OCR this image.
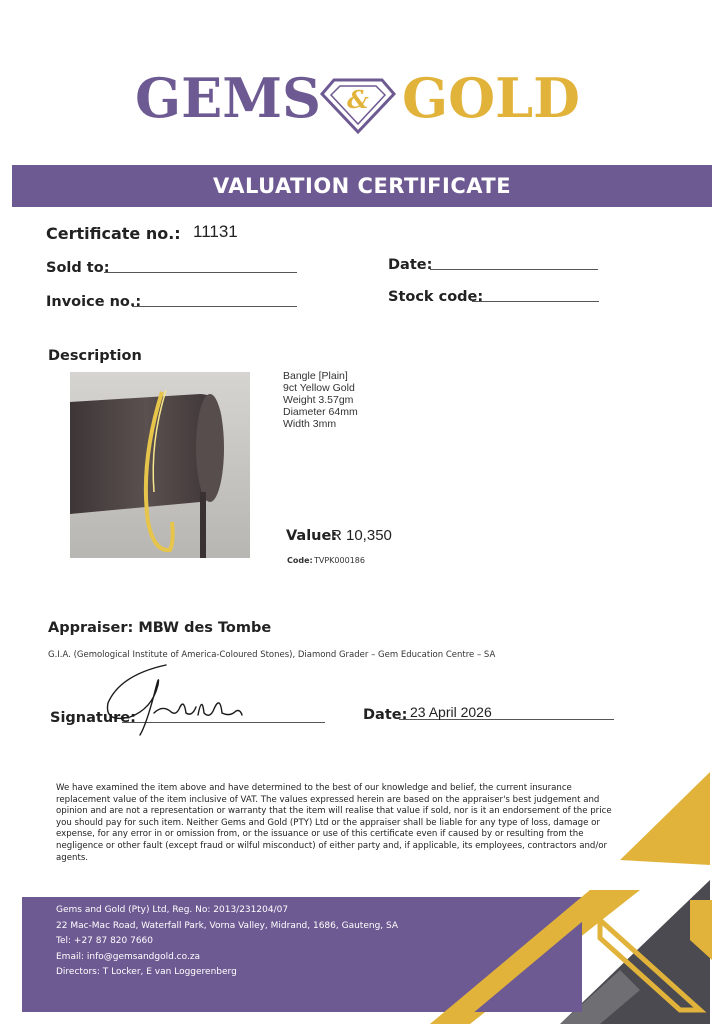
GEMS & GOLD
VALUATION CERTIFICATE
Certificate no.: 11131
Sold to:	Date:
Invoice no.:	Stock code:
Description
Bangle [Plain]
9ct Yellow Gold
Weight 3.57gm
Diameter 64mm
Width 3mm
Value:
R 10,350
Code: TVPK000186
Appraiser: MBW des Tombe
G.I.A. (Gemological Institute of America-Coloured Stones), Diamond Grader – Gem Education Centre – SA
Signature:	Date: 23 April 2026
We have examined the item above and have determined to the best of our knowledge and belief, the current insurance replacement value of the item inclusive of VAT. The values expressed herein are based on the appraiser's best judgement and opinion and are not a representation or warranty that the item will realise that value if sold, nor is it an endorsement of the price you should pay for such item. Neither Gems and Gold (PTY) Ltd or the appraiser shall be liable for any type of loss, damage or expense, for any error in or omission from, or the issuance or use of this certificate even if caused by or resulting from the negligence or other fault (except fraud or wilful misconduct) of either party and, if applicable, its employees, contractors and/or agents.
Gems and Gold (Pty) Ltd, Reg. No: 2013/231204/07
22 Mac-Mac Road, Waterfall Park, Vorna Valley, Midrand, 1686, Gauteng, SA
Tel: +27 87 820 7660
Email: info@gemsandgold.co.za
Directors: T Locker, E van Loggerenberg
